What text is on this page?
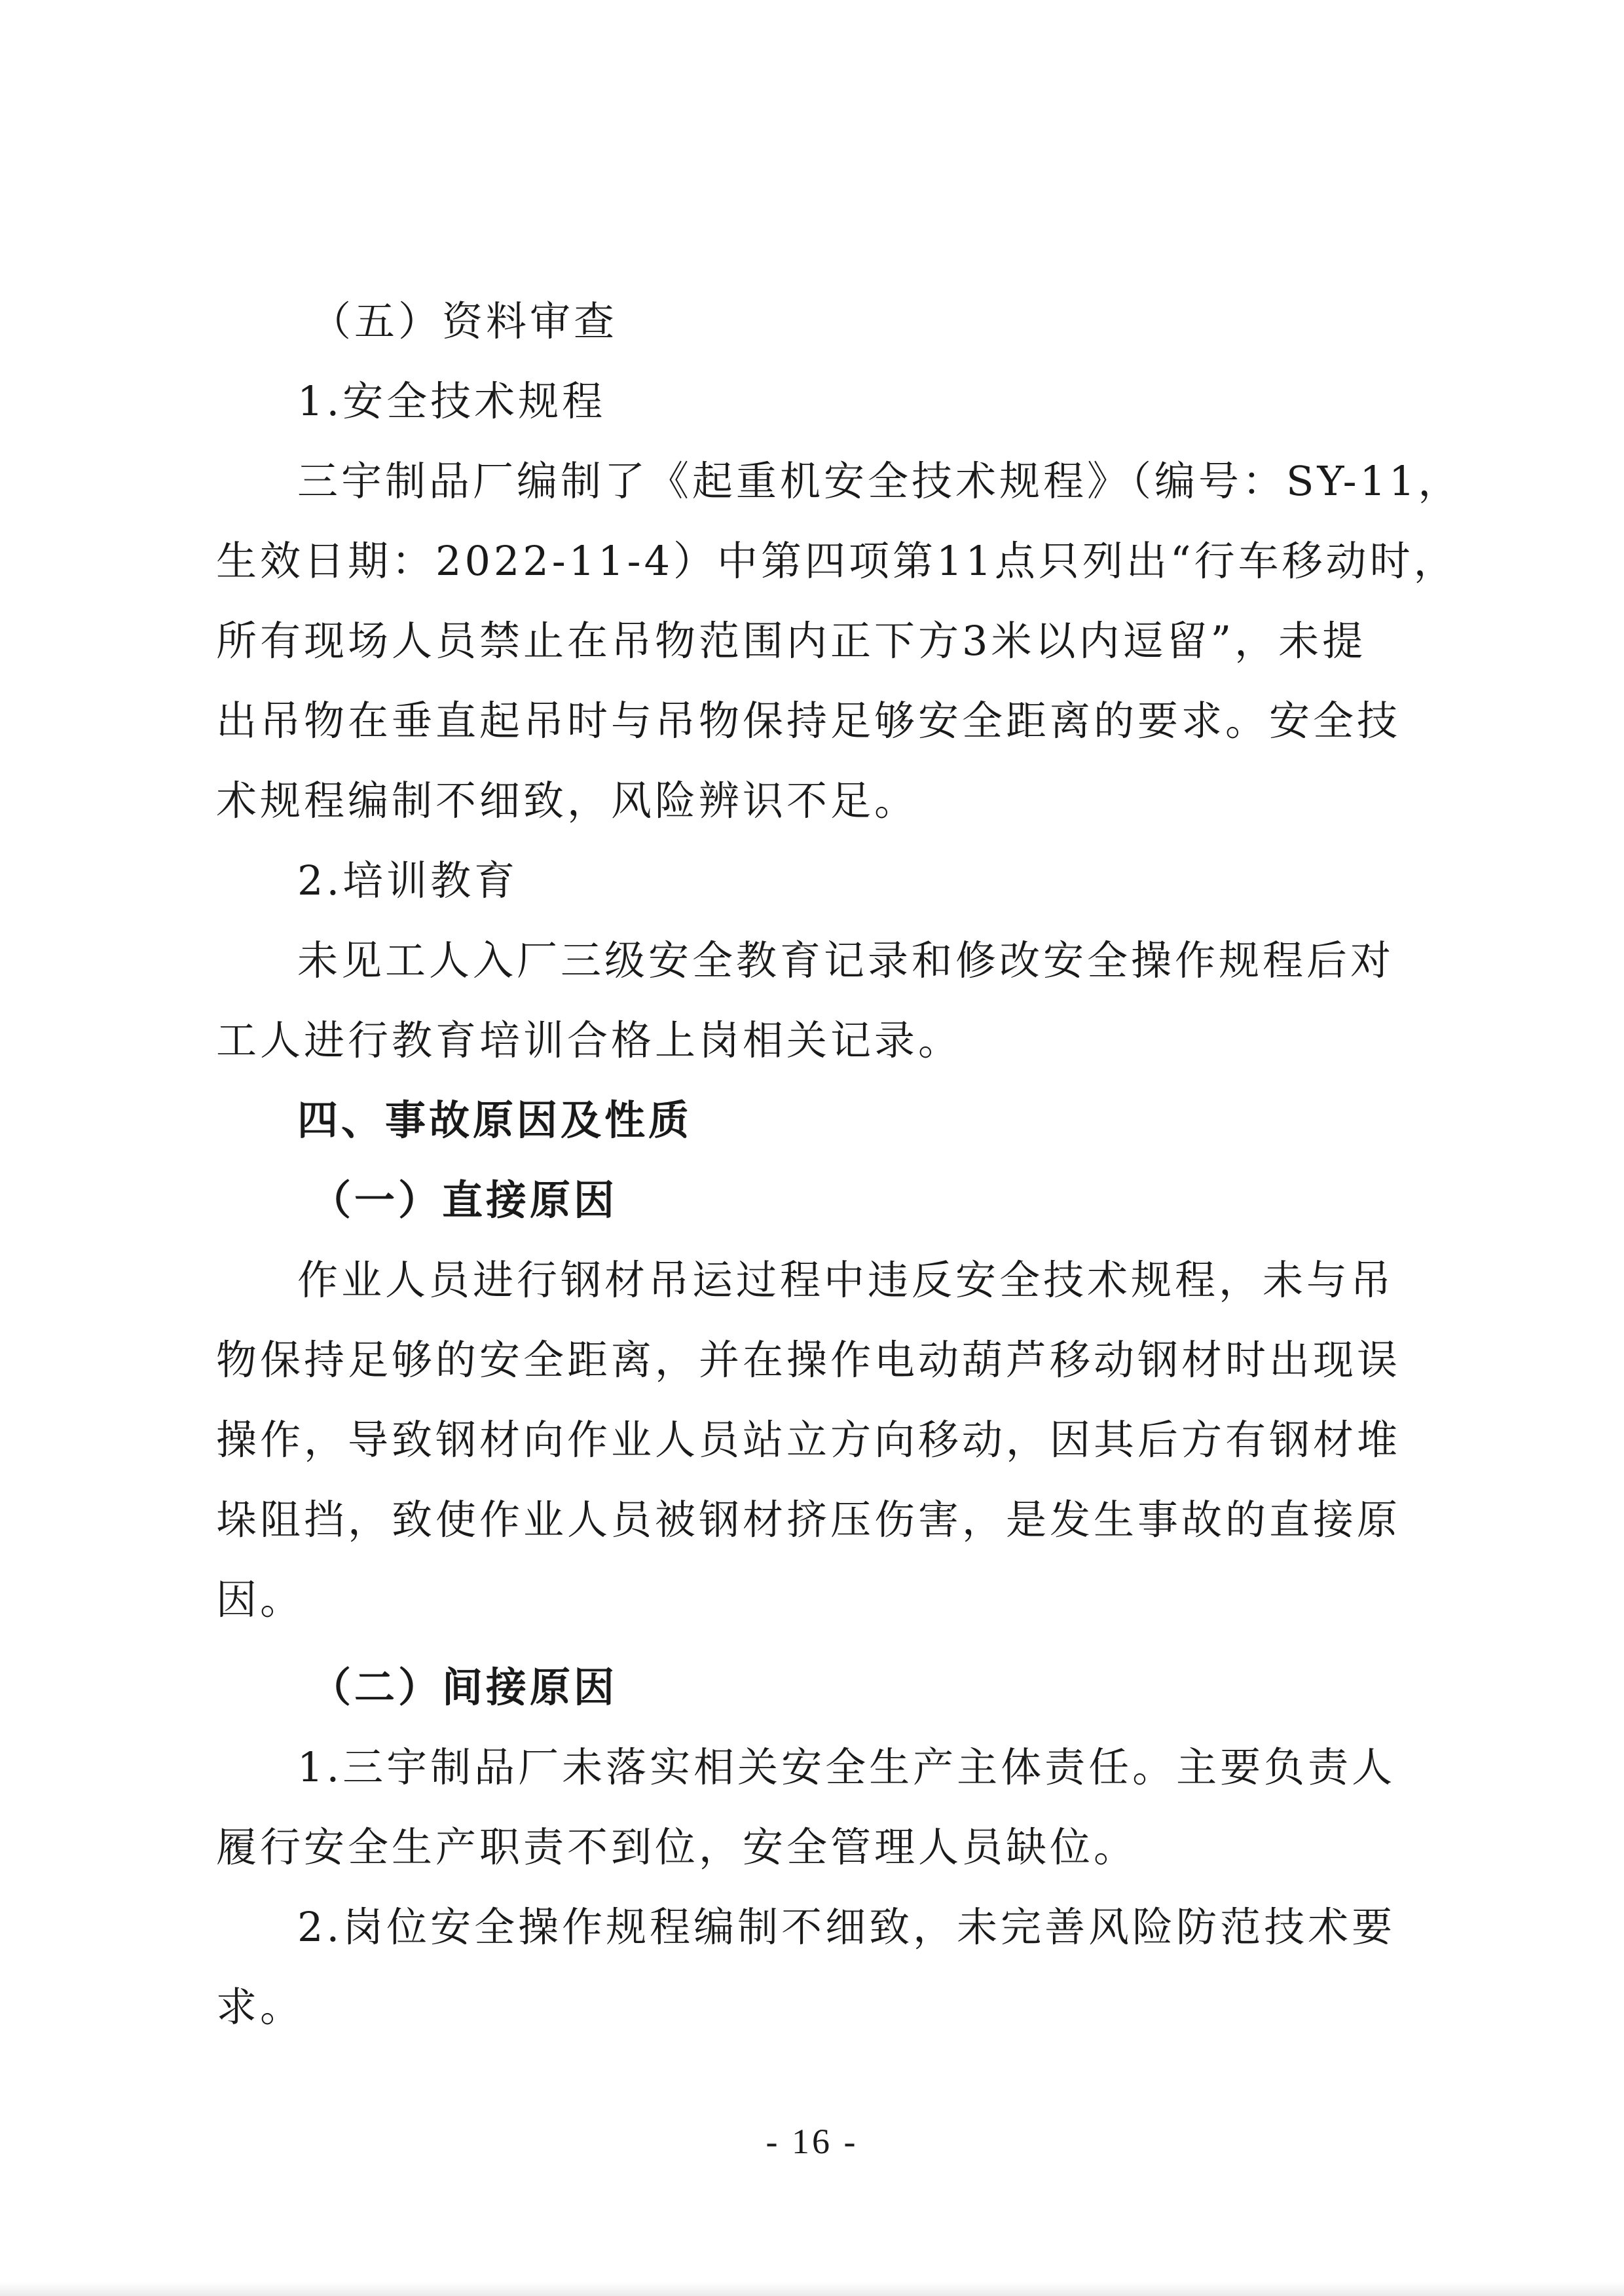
（五）资料审查
1.安全技术规程
三宇制品厂编制了《起重机安全技术规程》（编号：SY-11，
生效日期：2022-11-4）中第四项第11点只列出“行车移动时，
所有现场人员禁止在吊物范围内正下方3米以内逗留”，未提
出吊物在垂直起吊时与吊物保持足够安全距离的要求。安全技
术规程编制不细致，风险辨识不足。
2.培训教育
未见工人入厂三级安全教育记录和修改安全操作规程后对
工人进行教育培训合格上岗相关记录。
四、事故原因及性质
（一）直接原因
作业人员进行钢材吊运过程中违反安全技术规程，未与吊
物保持足够的安全距离，并在操作电动葫芦移动钢材时出现误
操作，导致钢材向作业人员站立方向移动，因其后方有钢材堆
垛阻挡，致使作业人员被钢材挤压伤害，是发生事故的直接原
因。
（二）间接原因
1.三宇制品厂未落实相关安全生产主体责任。主要负责人
履行安全生产职责不到位，安全管理人员缺位。
2.岗位安全操作规程编制不细致，未完善风险防范技术要
求。
- 16 -
